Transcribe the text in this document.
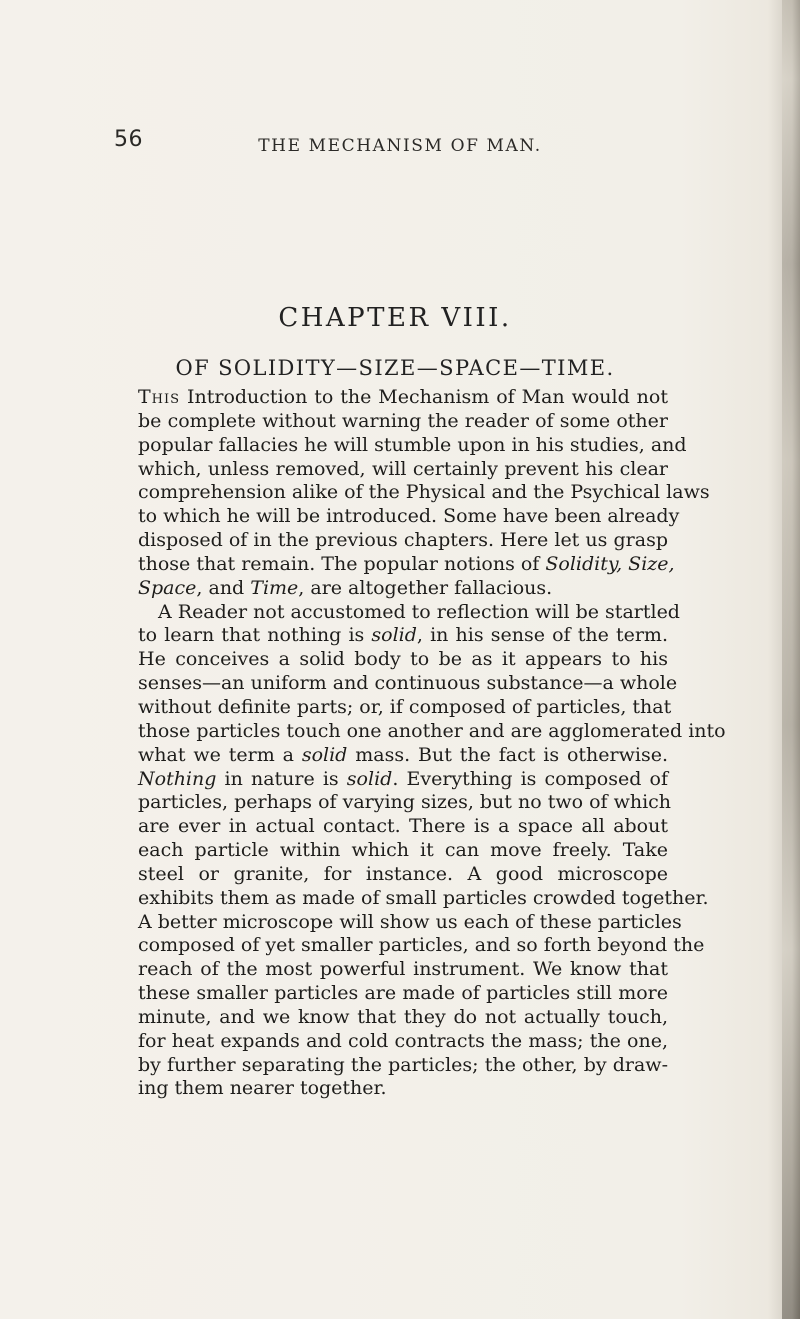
56	THE MECHANISM OF MAN.
CHAPTER VIII.
OF SOLIDITY—SIZE—SPACE—TIME.
This Introduction to the Mechanism of Man would not
be complete without warning the reader of some other
popular fallacies he will stumble upon in his studies, and
which, unless removed, will certainly prevent his clear
comprehension alike of the Physical and the Psychical laws
to which he will be introduced. Some have been already
disposed of in the previous chapters. Here let us grasp
those that remain. The popular notions of Solidity, Size,
Space, and Time, are altogether fallacious.
A Reader not accustomed to reflection will be startled
to learn that nothing is solid, in his sense of the term.
He conceives a solid body to be as it appears to his
senses—an uniform and continuous substance—a whole
without definite parts; or, if composed of particles, that
those particles touch one another and are agglomerated into
what we term a solid mass. But the fact is otherwise.
Nothing in nature is solid. Everything is composed of
particles, perhaps of varying sizes, but no two of which
are ever in actual contact. There is a space all about
each particle within which it can move freely. Take
steel or granite, for instance. A good microscope
exhibits them as made of small particles crowded together.
A better microscope will show us each of these particles
composed of yet smaller particles, and so forth beyond the
reach of the most powerful instrument. We know that
these smaller particles are made of particles still more
minute, and we know that they do not actually touch,
for heat expands and cold contracts the mass; the one,
by further separating the particles; the other, by draw-
ing them nearer together.
